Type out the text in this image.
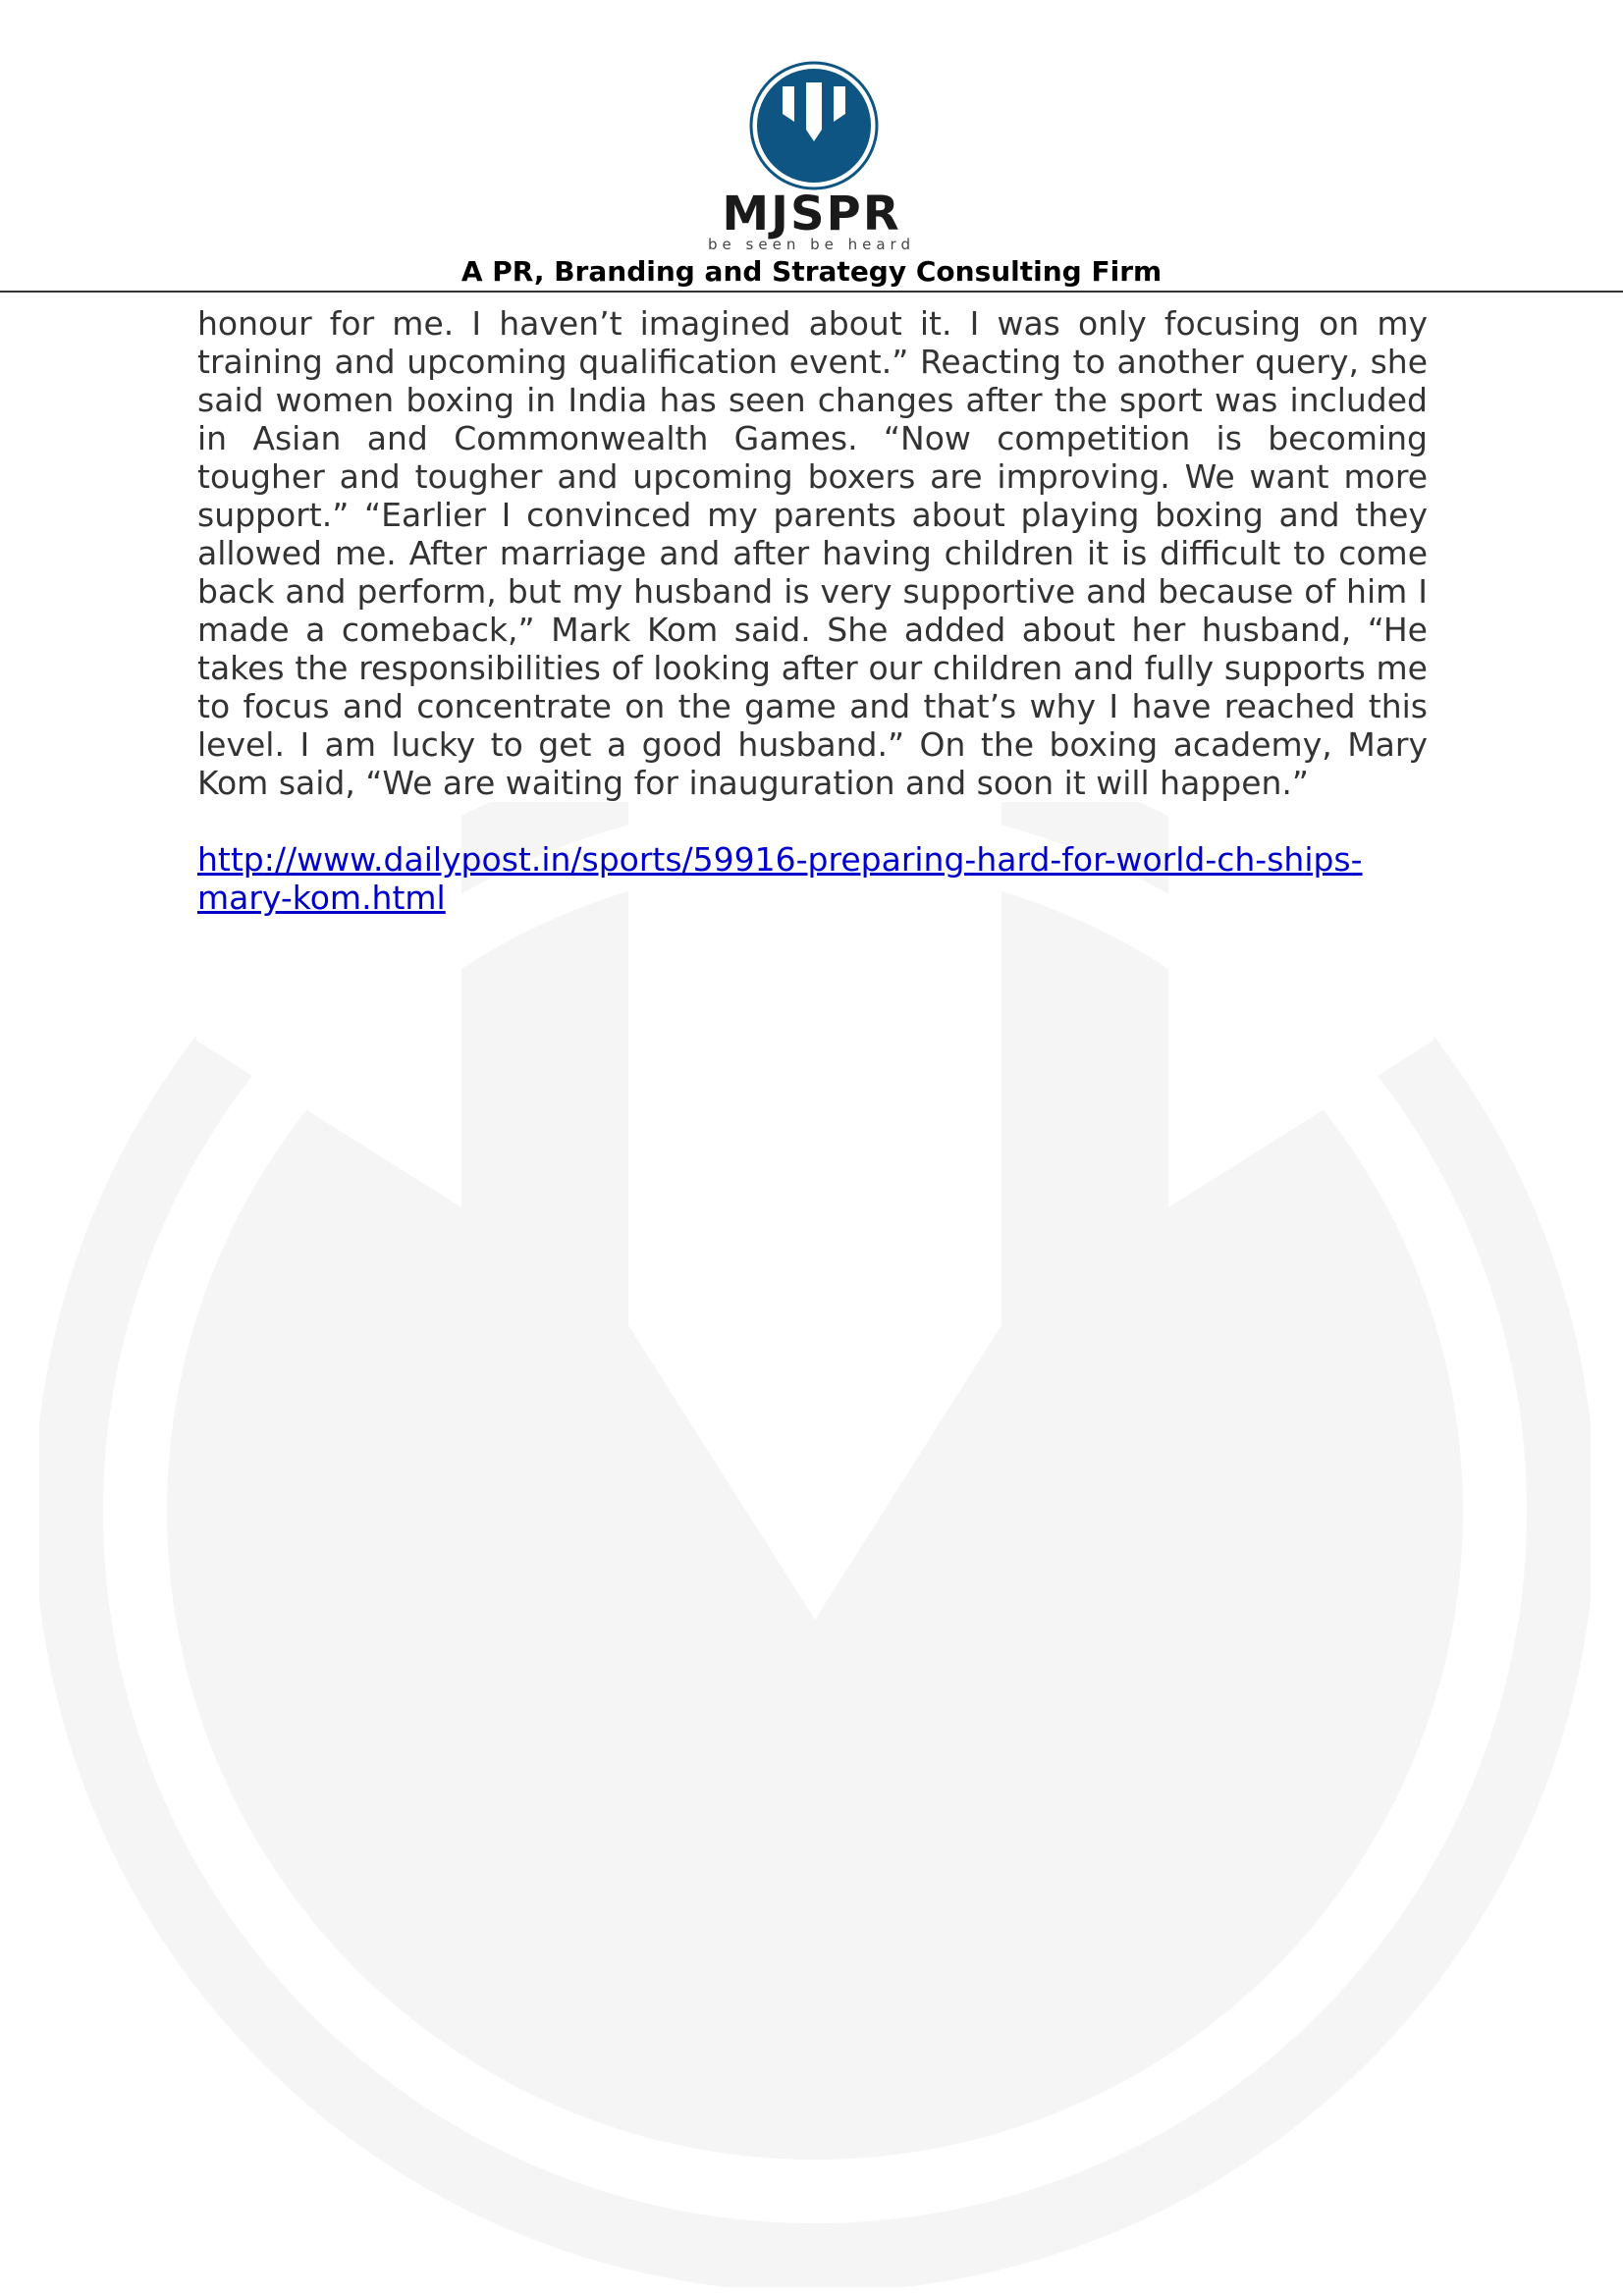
MJSPR
be seen be heard
A PR, Branding and Strategy Consulting Firm

honour for me. I haven’t imagined about it. I was only focusing on my training and upcoming qualification event.” Reacting to another query, she said women boxing in India has seen changes after the sport was included in Asian and Commonwealth Games. “Now competition is becoming tougher and tougher and upcoming boxers are improving. We want more support.” “Earlier I convinced my parents about playing boxing and they allowed me. After marriage and after having children it is difficult to come back and perform, but my husband is very supportive and because of him I made a comeback,” Mark Kom said. She added about her husband, “He takes the responsibilities of looking after our children and fully supports me to focus and concentrate on the game and that’s why I have reached this level. I am lucky to get a good husband.” On the boxing academy, Mary Kom said, “We are waiting for inauguration and soon it will happen.”

http://www.dailypost.in/sports/59916-preparing-hard-for-world-ch-ships-mary-kom.html
